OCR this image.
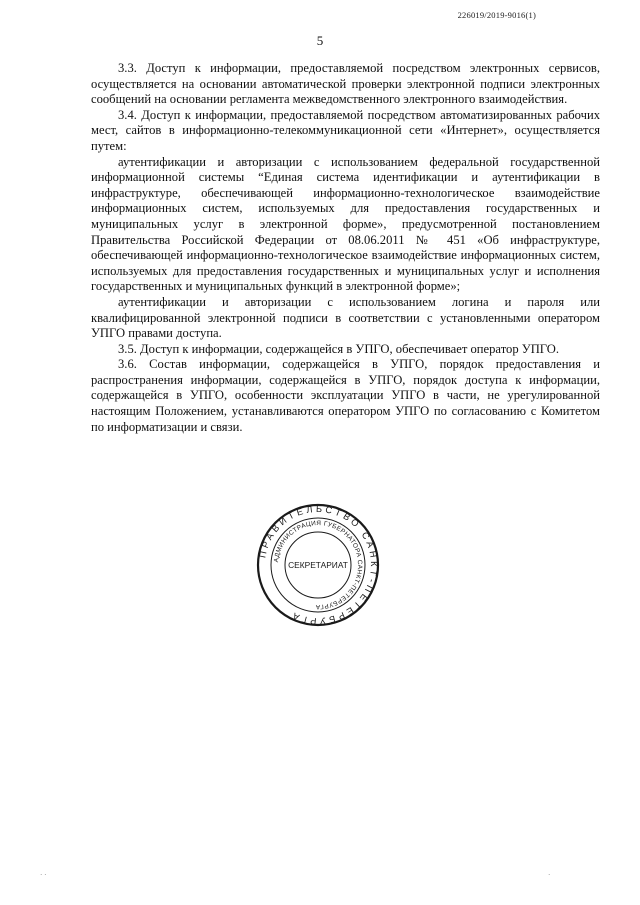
226019/2019-9016(1)
5

3.3. Доступ к информации, предоставляемой посредством электронных сервисов, осуществляется на основании автоматической проверки электронной подписи электронных сообщений на основании регламента межведомственного электронного взаимодействия.

3.4. Доступ к информации, предоставляемой посредством автоматизированных рабочих мест, сайтов в информационно-телекоммуникационной сети «Интернет», осуществляется путем:

аутентификации и авторизации с использованием федеральной государственной информационной системы “Единая система идентификации и аутентификации в инфраструктуре, обеспечивающей информационно-технологическое взаимодействие информационных систем, используемых для предоставления государственных и муниципальных услуг в электронной форме», предусмотренной постановлением Правительства Российской Федерации от 08.06.2011 № 451 «Об инфраструктуре, обеспечивающей информационно-технологическое взаимодействие информационных систем, используемых для предоставления государственных и муниципальных услуг и исполнения государственных и муниципальных функций в электронной форме»;

аутентификации и авторизации с использованием логина и пароля или квалифицированной электронной подписи в соответствии с установленными оператором УПГО правами доступа.

3.5. Доступ к информации, содержащейся в УПГО, обеспечивает оператор УПГО.

3.6. Состав информации, содержащейся в УПГО, порядок предоставления и распространения информации, содержащейся в УПГО, порядок доступа к информации, содержащейся в УПГО, особенности эксплуатации УПГО в части, не урегулированной настоящим Положением, устанавливаются оператором УПГО по согласованию с Комитетом по информатизации и связи.

ПРАВИТЕЛЬСТВО САНКТ-ПЕТЕРБУРГА
АДМИНИСТРАЦИЯ ГУБЕРНАТОРА САНКТ-ПЕТЕРБУРГА
СЕКРЕТАРИАТ
· ·	·
